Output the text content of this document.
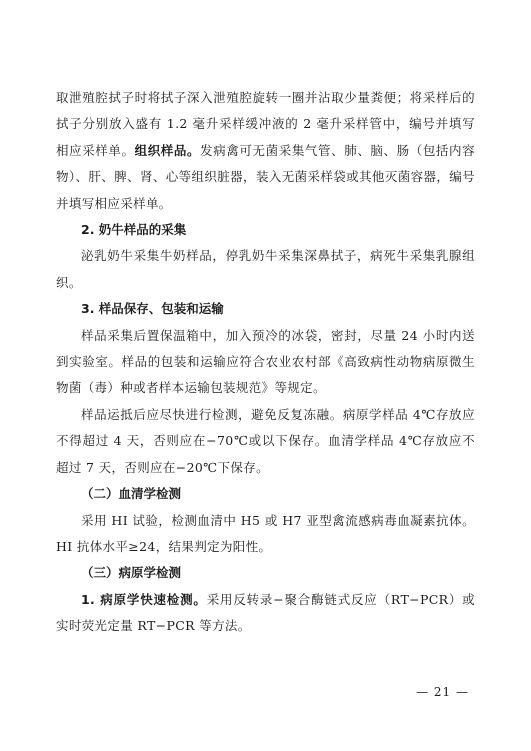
取泄殖腔拭子时将拭子深入泄殖腔旋转一圈并沾取少量粪便；将采样后的拭子分别放入盛有 1.2 毫升采样缓冲液的 2 毫升采样管中，编号并填写相应采样单。组织样品。发病禽可无菌采集气管、肺、脑、肠（包括内容物）、肝、脾、肾、心等组织脏器，装入无菌采样袋或其他灭菌容器，编号并填写相应采样单。

2. 奶牛样品的采集

泌乳奶牛采集牛奶样品，停乳奶牛采集深鼻拭子，病死牛采集乳腺组织。

3. 样品保存、包装和运输

样品采集后置保温箱中，加入预冷的冰袋，密封，尽量 24 小时内送到实验室。样品的包装和运输应符合农业农村部《高致病性动物病原微生物菌（毒）种或者样本运输包装规范》等规定。

样品运抵后应尽快进行检测，避免反复冻融。病原学样品 4℃存放应不得超过 4 天，否则应在−70℃或以下保存。血清学样品 4℃存放应不超过 7 天，否则应在−20℃下保存。

（二）血清学检测

采用 HI 试验，检测血清中 H5 或 H7 亚型禽流感病毒血凝素抗体。HI 抗体水平≥24，结果判定为阳性。

（三）病原学检测

1. 病原学快速检测。采用反转录−聚合酶链式反应（RT−PCR）或实时荧光定量 RT−PCR 等方法。

— 21 —
